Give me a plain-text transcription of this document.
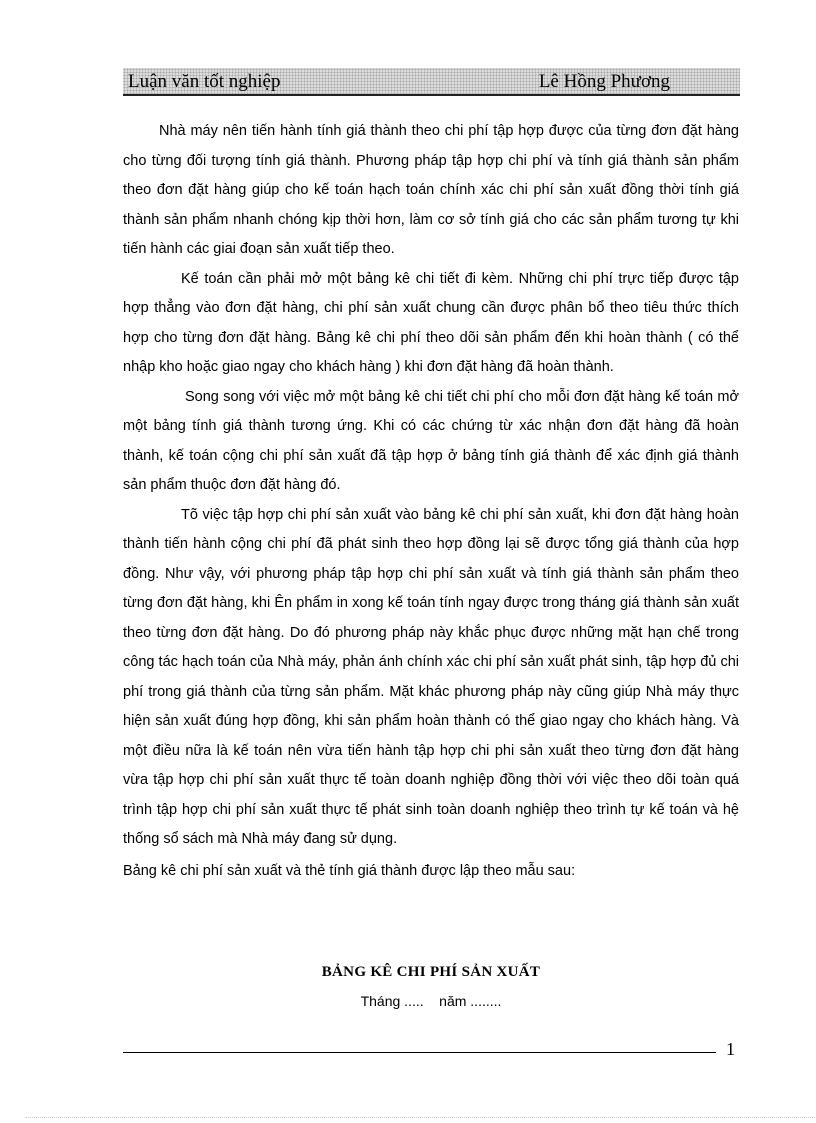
Luận văn tốt nghiệp	Lê Hồng Phương

Nhà máy nên tiến hành tính giá thành theo chi phí tập hợp được của từng đơn đặt hàng cho từng đối tượng tính giá thành. Phương pháp tập hợp chi phí và tính giá thành sản phẩm theo đơn đặt hàng giúp cho kế toán hạch toán chính xác chi phí sản xuất đồng thời tính giá thành sản phẩm nhanh chóng kịp thời hơn, làm cơ sở tính giá cho các sản phẩm tương tự khi tiến hành các giai đoạn sản xuất tiếp theo.

Kế toán cần phải mở một bảng kê chi tiết đi kèm. Những chi phí trực tiếp được tập hợp thẳng vào đơn đặt hàng, chi phí sản xuất chung cần được phân bổ theo tiêu thức thích hợp cho từng đơn đặt hàng. Bảng kê chi phí theo dõi sản phẩm đến khi hoàn thành ( có thể nhập kho hoặc giao ngay cho khách hàng ) khi đơn đặt hàng đã hoàn thành.

Song song với việc mở một bảng kê chi tiết chi phí cho mỗi đơn đặt hàng kế toán mở một bảng tính giá thành tương ứng. Khi có các chứng từ xác nhận đơn đặt hàng đã hoàn thành, kế toán cộng chi phí sản xuất đã tập hợp ở bảng tính giá thành để xác định giá thành sản phẩm thuộc đơn đặt hàng đó.

Tõ việc tập hợp chi phí sản xuất vào bảng kê chi phí sản xuất, khi đơn đặt hàng hoàn thành tiến hành cộng chi phí đã phát sinh theo hợp đồng lại sẽ được tổng giá thành của hợp đồng. Như vậy, với phương pháp tập hợp chi phí sản xuất và tính giá thành sản phẩm theo từng đơn đặt hàng, khi Ên phẩm in xong kế toán tính ngay được trong tháng giá thành sản xuất theo từng đơn đặt hàng. Do đó phương pháp này khắc phục được những mặt hạn chế trong công tác hạch toán của Nhà máy, phản ánh chính xác chi phí sản xuất phát sinh, tập hợp đủ chi phí trong giá thành của từng sản phẩm. Mặt khác phương pháp này cũng giúp Nhà máy thực hiện sản xuất đúng hợp đồng, khi sản phẩm hoàn thành có thể giao ngay cho khách hàng. Và một điều nữa là kế toán nên vừa tiến hành tập hợp chi phi sản xuất theo từng đơn đặt hàng vừa tập hợp chi phí sản xuất thực tế toàn doanh nghiệp đồng thời với việc theo dõi toàn quá trình tập hợp chi phí sản xuất thực tế phát sinh toàn doanh nghiệp theo trình tự kế toán và hệ thống sổ sách mà Nhà máy đang sử dụng.

Bảng kê chi phí sản xuất và thẻ tính giá thành được lập theo mẫu sau:

BẢNG KÊ CHI PHÍ SẢN XUẤT
Tháng .....    năm ........
1
